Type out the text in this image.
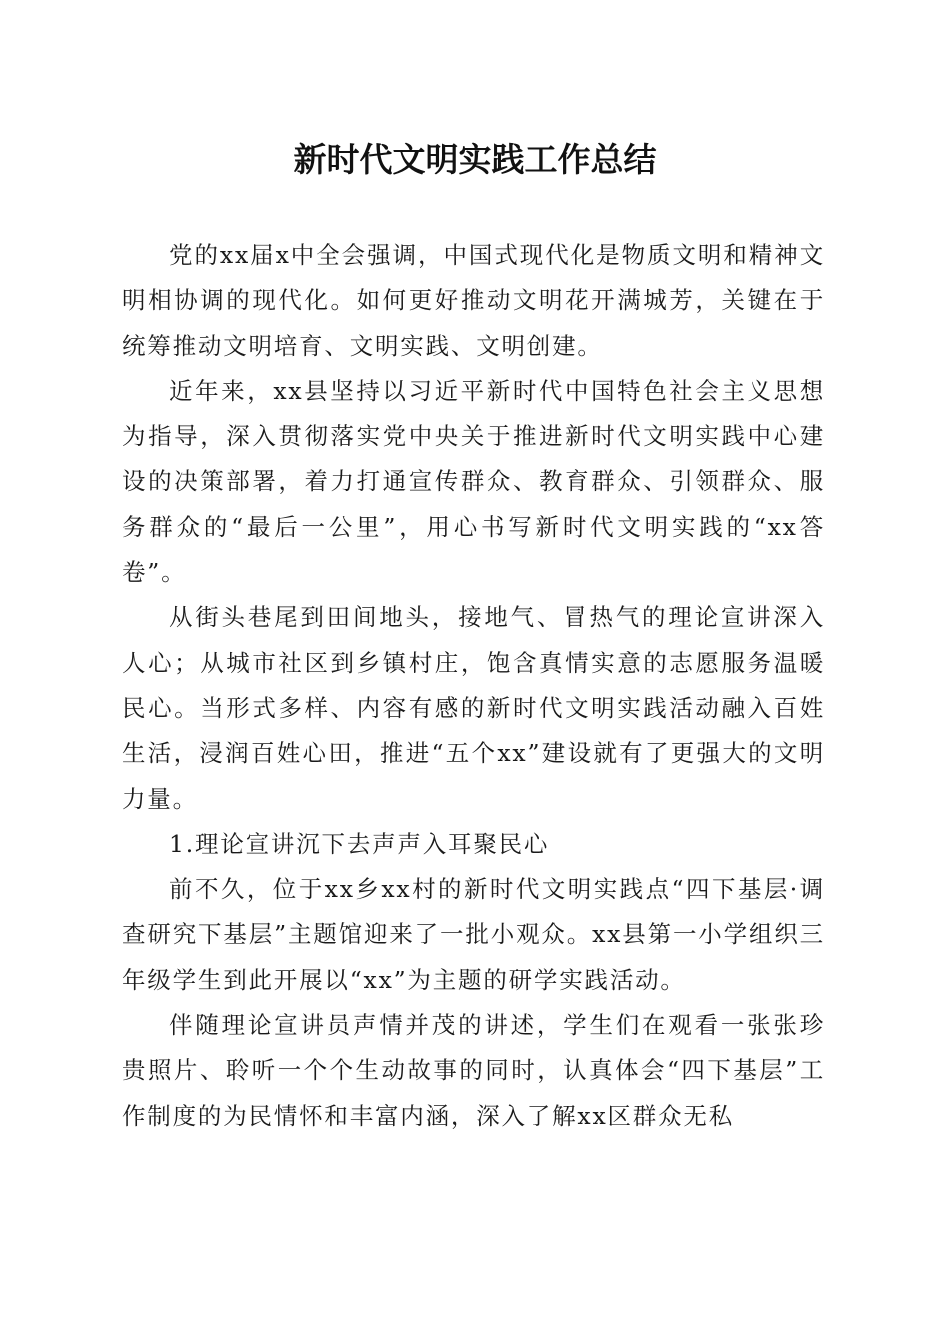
新时代文明实践工作总结

党的xx届x中全会强调，中国式现代化是物质文明和精神文明相协调的现代化。如何更好推动文明花开满城芳，关键在于统筹推动文明培育、文明实践、文明创建。

近年来，xx县坚持以习近平新时代中国特色社会主义思想为指导，深入贯彻落实党中央关于推进新时代文明实践中心建设的决策部署，着力打通宣传群众、教育群众、引领群众、服务群众的“最后一公里”，用心书写新时代文明实践的“xx答卷”。

从街头巷尾到田间地头，接地气、冒热气的理论宣讲深入人心；从城市社区到乡镇村庄，饱含真情实意的志愿服务温暖民心。当形式多样、内容有感的新时代文明实践活动融入百姓生活，浸润百姓心田，推进“五个xx”建设就有了更强大的文明力量。

1.理论宣讲沉下去声声入耳聚民心

前不久，位于xx乡xx村的新时代文明实践点“四下基层·调查研究下基层”主题馆迎来了一批小观众。xx县第一小学组织三年级学生到此开展以“xx”为主题的研学实践活动。

伴随理论宣讲员声情并茂的讲述，学生们在观看一张张珍贵照片、聆听一个个生动故事的同时，认真体会“四下基层”工作制度的为民情怀和丰富内涵，深入了解xx区群众无私
